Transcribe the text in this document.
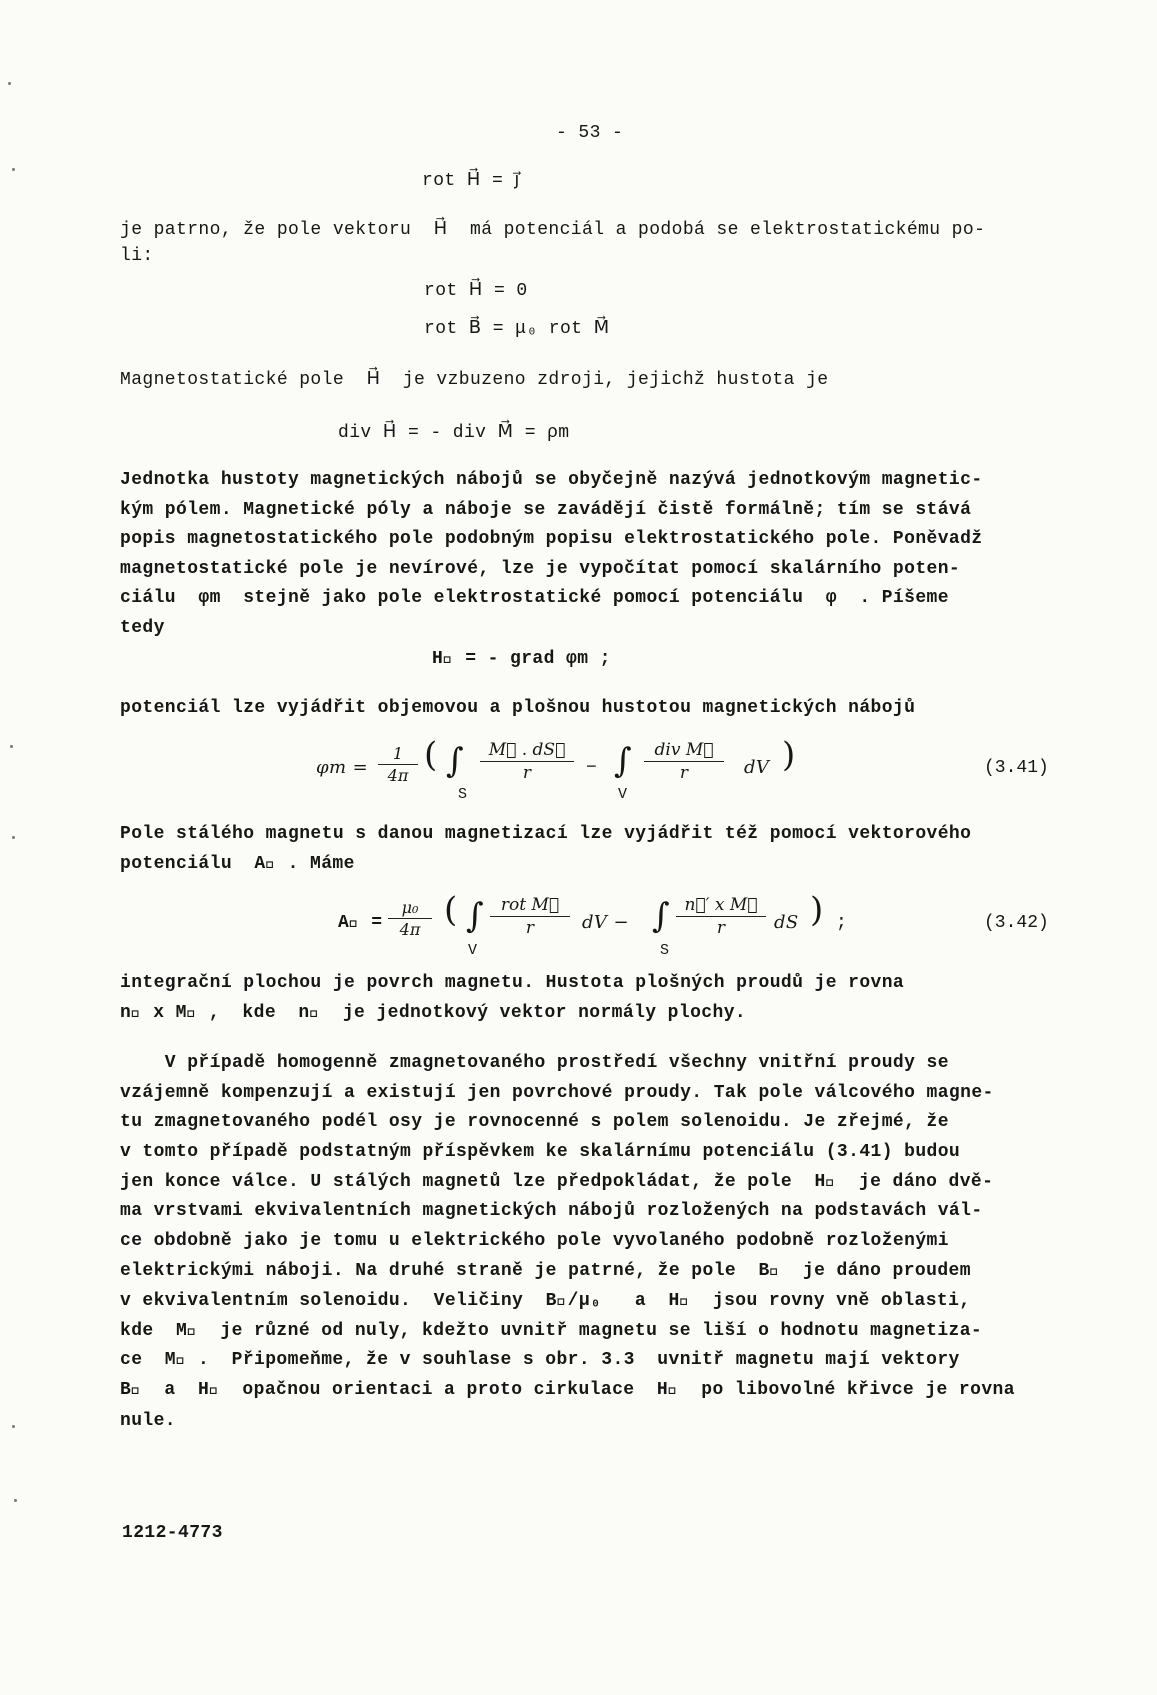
- 53 -
rot H⃗ = j⃗
je patrno, že pole vektoru  H⃗  má potenciál a podobá se elektrostatickému po-
li:
rot H⃗ = 0
rot B⃗ = μ₀ rot M⃗
Magnetostatické pole  H⃗  je vzbuzeno zdroji, jejichž hustota je
div H⃗ = - div M⃗ = ρm
Jednotka hustoty magnetických nábojů se obyčejně nazývá jednotkovým magnetic-
kým pólem. Magnetické póly a náboje se zavádějí čistě formálně; tím se stává
popis magnetostatického pole podobným popisu elektrostatického pole. Poněvadž
magnetostatické pole je nevírové, lze je vypočítat pomocí skalárního poten-
ciálu  φm  stejně jako pole elektrostatické pomocí potenciálu  φ  . Píšeme
tedy
H⃗ = - grad φm ;
potenciál lze vyjádřit objemovou a plošnou hustotou magnetických nábojů
$\varphi m = \frac{1}{4\pi}$ ( ∫
S
$\frac{M⃗ . dS⃗}{r}$ − ∫
V
div M⃗
r	dV )	(3.41)
Pole stálého magnetu s danou magnetizací lze vyjádřit též pomocí vektorového
potenciálu  A⃗ . Máme
A⃗ = $\frac{\text{μ₀}}{4\pi}$ ( ∫
V
rot M⃗
r	dV − ∫
S
$\frac{\text{n⃗′ x M⃗}}{r}$ dS ) ;	(3.42)
integrační plochou je povrch magnetu. Hustota plošných proudů je rovna
n⃗ x M⃗ ,  kde  n⃗  je jednotkový vektor normály plochy.
V případě homogenně zmagnetovaného prostředí všechny vnitřní proudy se
vzájemně kompenzují a existují jen povrchové proudy. Tak pole válcového magne-
tu zmagnetovaného podél osy je rovnocenné s polem solenoidu. Je zřejmé, že
v tomto případě podstatným příspěvkem ke skalárnímu potenciálu (3.41) budou
jen konce válce. U stálých magnetů lze předpokládat, že pole  H⃗  je dáno dvě-
ma vrstvami ekvivalentních magnetických nábojů rozložených na podstavách vál-
ce obdobně jako je tomu u elektrického pole vyvolaného podobně rozloženými
elektrickými náboji. Na druhé straně je patrné, že pole  B⃗  je dáno proudem
v ekvivalentním solenoidu.  Veličiny  B⃗/μ₀   a  H⃗  jsou rovny vně oblasti,
kde  M⃗  je různé od nuly, kdežto uvnitř magnetu se liší o hodnotu magnetiza-
ce  M⃗ .  Připomeňme, že v souhlase s obr. 3.3  uvnitř magnetu mají vektory
B⃗  a  H⃗  opačnou orientaci a proto cirkulace  H⃗  po libovolné křivce je rovna
nule.
1212-4773
